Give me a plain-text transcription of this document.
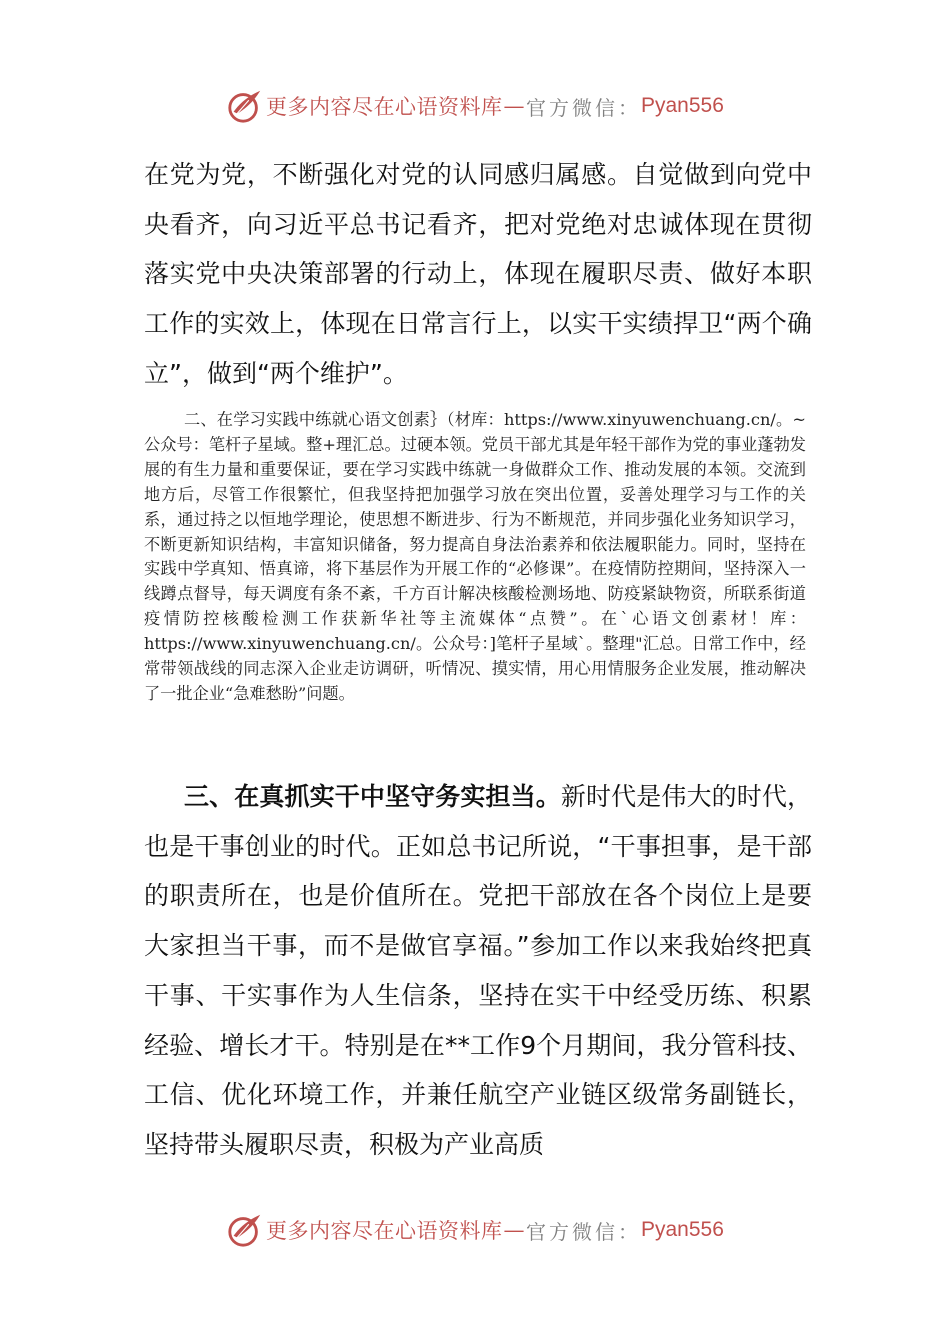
更多内容尽在心语资料库 — 官方微信： Pyan556

在党为党，不断强化对党的认同感归属感。自觉做到向党中央看齐，向习近平总书记看齐，把对党绝对忠诚体现在贯彻落实党中央决策部署的行动上，体现在履职尽责、做好本职工作的实效上，体现在日常言行上，以实干实绩捍卫“两个确立”，做到“两个维护”。

二、在学习实践中练就心语文创素｝（材库：https://www.xinyuwenchuang.cn/。~公众号：笔杆子星域。整+理汇总。过硬本领。党员干部尤其是年轻干部作为党的事业蓬勃发展的有生力量和重要保证，要在学习实践中练就一身做群众工作、推动发展的本领。交流到地方后，尽管工作很繁忙，但我坚持把加强学习放在突出位置，妥善处理学习与工作的关系，通过持之以恒地学理论，使思想不断进步、行为不断规范，并同步强化业务知识学习，不断更新知识结构，丰富知识储备，努力提高自身法治素养和依法履职能力。同时，坚持在实践中学真知、悟真谛，将下基层作为开展工作的“必修课”。在疫情防控期间，坚持深入一线蹲点督导，每天调度有条不紊，千方百计解决核酸检测场地、防疫紧缺物资，所联系街道疫情防控核酸检测工作获新华社等主流媒体“点赞”。在`心语文创素材！库：https://www.xinyuwenchuang.cn/。公众号：]笔杆子星域`。整理"汇总。日常工作中，经常带领战线的同志深入企业走访调研，听情况、摸实情，用心用情服务企业发展，推动解决了一批企业“急难愁盼”问题。

三、在真抓实干中坚守务实担当。新时代是伟大的时代，也是干事创业的时代。正如总书记所说，“干事担事，是干部的职责所在，也是价值所在。党把干部放在各个岗位上是要大家担当干事，而不是做官享福。”参加工作以来我始终把真干事、干实事作为人生信条，坚持在实干中经受历练、积累经验、增长才干。特别是在**工作9个月期间，我分管科技、工信、优化环境工作，并兼任航空产业链区级常务副链长，坚持带头履职尽责，积极为产业高质

更多内容尽在心语资料库 — 官方微信： Pyan556
